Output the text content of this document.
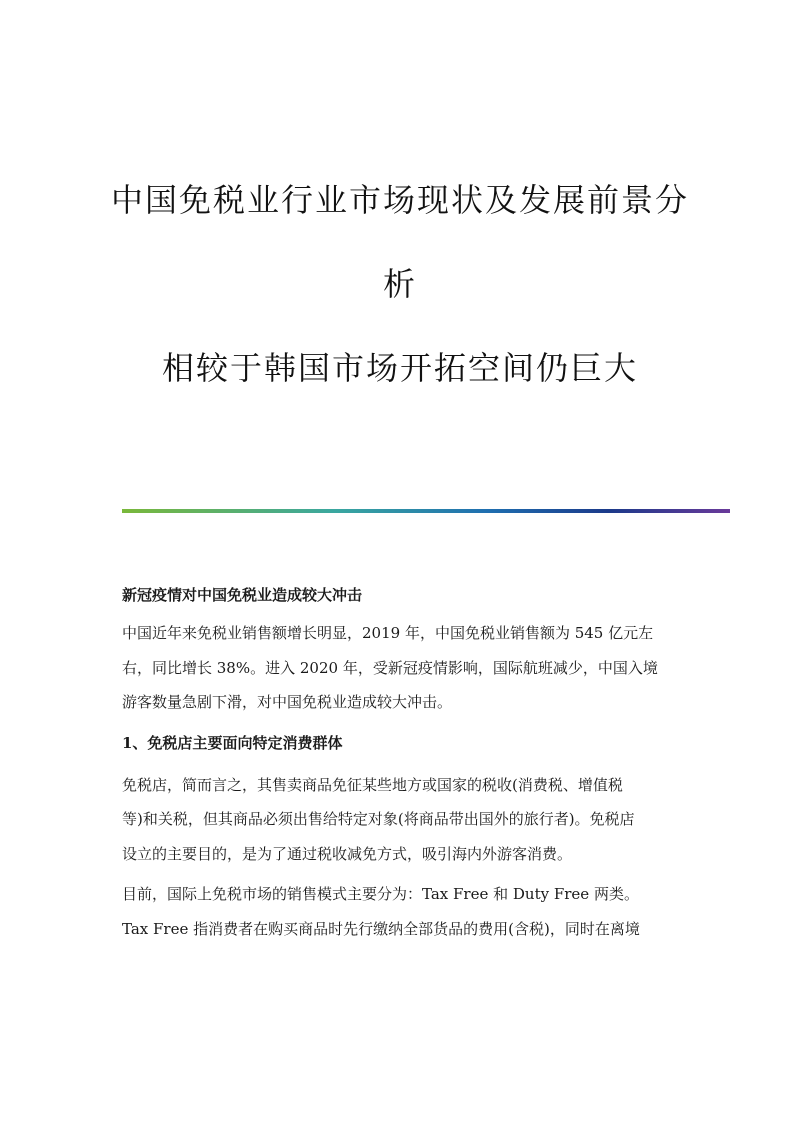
中国免税业行业市场现状及发展前景分
析
相较于韩国市场开拓空间仍巨大
新冠疫情对中国免税业造成较大冲击
中国近年来免税业销售额增长明显，2019 年，中国免税业销售额为 545 亿元左
右，同比增长 38%。进入 2020 年，受新冠疫情影响，国际航班减少，中国入境
游客数量急剧下滑，对中国免税业造成较大冲击。
1、免税店主要面向特定消费群体
免税店，简而言之，其售卖商品免征某些地方或国家的税收(消费税、增值税
等)和关税，但其商品必须出售给特定对象(将商品带出国外的旅行者)。免税店
设立的主要目的，是为了通过税收减免方式，吸引海内外游客消费。
目前，国际上免税市场的销售模式主要分为：Tax Free 和 Duty Free 两类。
Tax Free 指消费者在购买商品时先行缴纳全部货品的费用(含税)，同时在离境
